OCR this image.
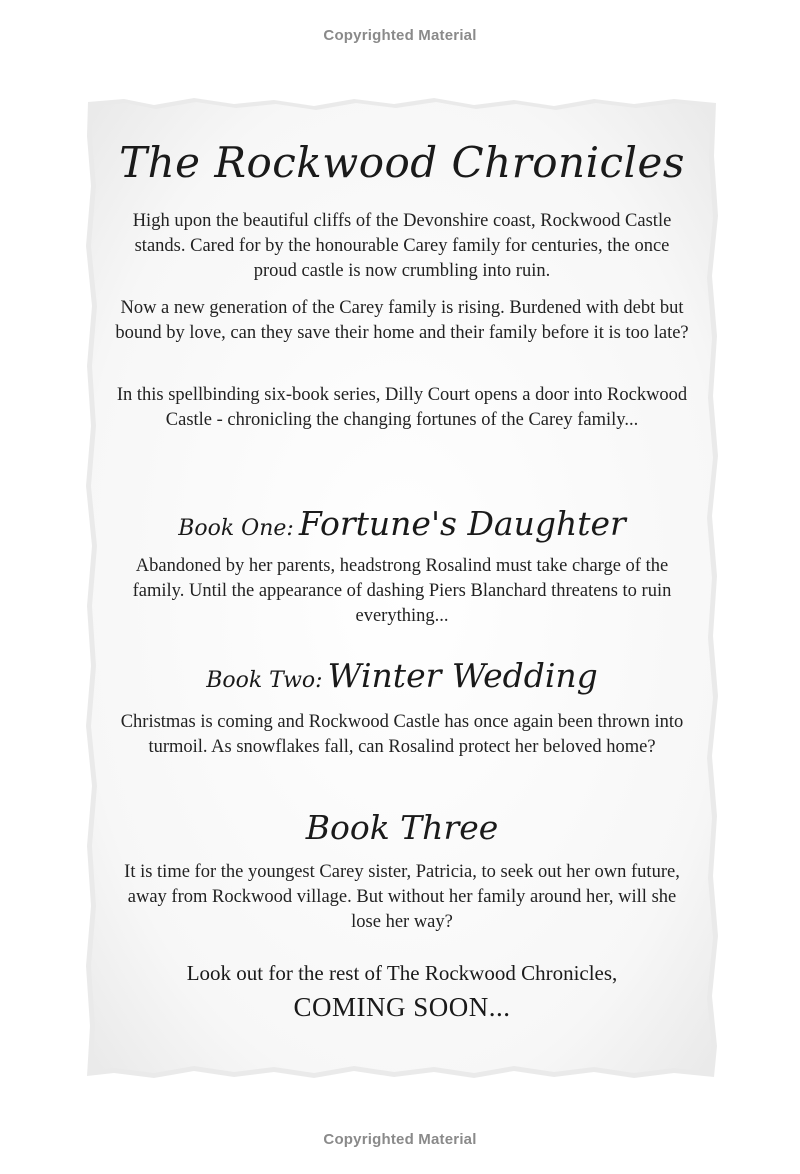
Copyrighted Material
The Rockwood Chronicles
High upon the beautiful cliffs of the Devonshire coast, Rockwood Castle stands. Cared for by the honourable Carey family for centuries, the once proud castle is now crumbling into ruin.
Now a new generation of the Carey family is rising. Burdened with debt but bound by love, can they save their home and their family before it is too late?
In this spellbinding six-book series, Dilly Court opens a door into Rockwood Castle - chronicling the changing fortunes of the Carey family...
Book One: Fortune's Daughter
Abandoned by her parents, headstrong Rosalind must take charge of the family. Until the appearance of dashing Piers Blanchard threatens to ruin everything...
Book Two: Winter Wedding
Christmas is coming and Rockwood Castle has once again been thrown into turmoil. As snowflakes fall, can Rosalind protect her beloved home?
Book Three
It is time for the youngest Carey sister, Patricia, to seek out her own future, away from Rockwood village. But without her family around her, will she lose her way?
Look out for the rest of The Rockwood Chronicles,
COMING SOON...
Copyrighted Material
